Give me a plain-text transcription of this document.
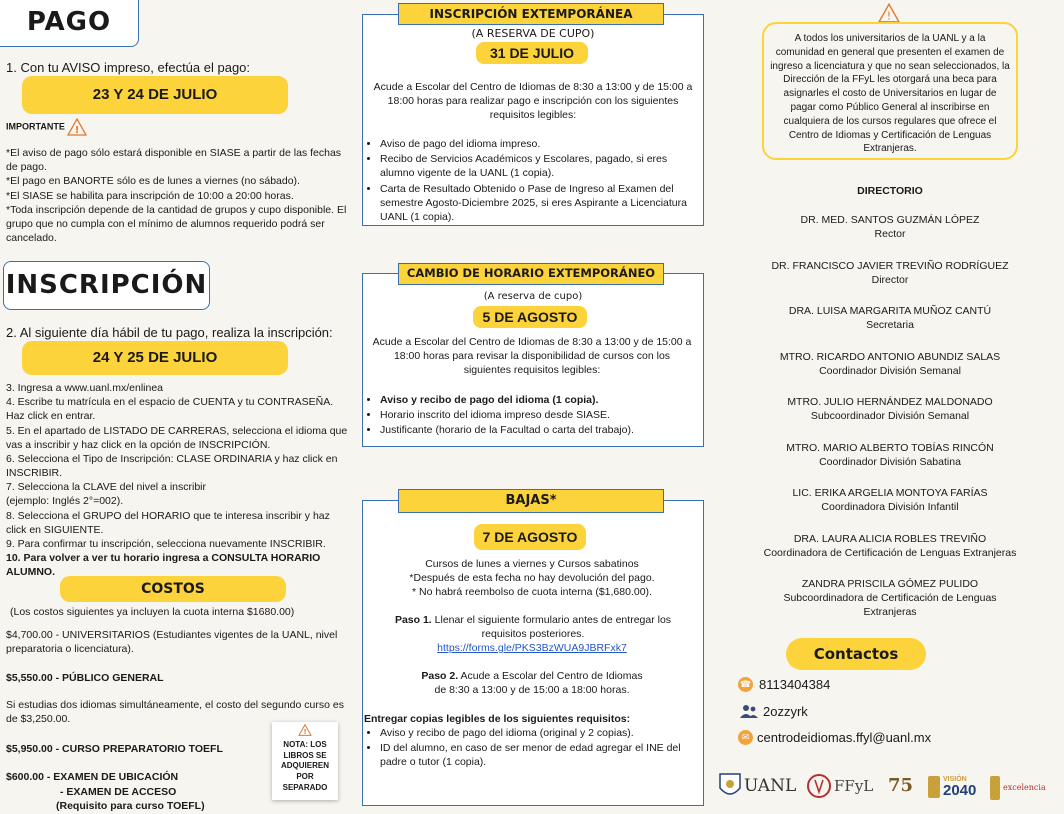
PAGO
1. Con tu AVISO impreso, efectúa el pago:
23 Y 24 DE JULIO
IMPORTANTE !
*El aviso de pago sólo estará disponible en SIASE a partir de las fechas de pago.
*El pago en BANORTE sólo es de lunes a viernes (no sábado).
*El SIASE se habilita para inscripción de 10:00 a 20:00 horas.
*Toda inscripción depende de la cantidad de grupos y cupo disponible. El grupo que no cumpla con el mínimo de alumnos requerido podrá ser cancelado.
INSCRIPCIÓN
2. Al siguiente día hábil de tu pago, realiza la inscripción:
24 Y 25 DE JULIO
3. Ingresa a www.uanl.mx/enlinea
4. Escribe tu matrícula en el espacio de CUENTA y tu CONTRASEÑA. Haz click en entrar.
5. En el apartado de LISTADO DE CARRERAS, selecciona el idioma que vas a inscribir y haz click en la opción de INSCRIPCIÓN.
6. Selecciona el Tipo de Inscripción: CLASE ORDINARIA y haz click en INSCRIBIR.
7. Selecciona la CLAVE del nivel a inscribir
(ejemplo: Inglés 2°=002).
8. Selecciona el GRUPO del HORARIO que te interesa inscribir y haz click en SIGUIENTE.
9. Para confirmar tu inscripción, selecciona nuevamente INSCRIBIR.
10. Para volver a ver tu horario ingresa a CONSULTA HORARIO ALUMNO.
COSTOS
(Los costos siguientes ya incluyen la cuota interna $1680.00)
$4,700.00 - UNIVERSITARIOS (Estudiantes vigentes de la UANL, nivel preparatoria o licenciatura).
$5,550.00 - PÚBLICO GENERAL
Si estudias dos idiomas simultáneamente, el costo del segundo curso es de $3,250.00.
$5,950.00 - CURSO PREPARATORIO TOEFL
$600.00 - EXAMEN DE UBICACIÓN
- EXAMEN DE ACCESO
(Requisito para curso TOEFL)
!
NOTA: LOS LIBROS SE ADQUIEREN POR SEPARADO
INSCRIPCIÓN EXTEMPORÁNEA
(A RESERVA DE CUPO)
31 DE JULIO
Acude a Escolar del Centro de Idiomas de 8:30 a 13:00 y de 15:00 a 18:00 horas para realizar pago e inscripción con los siguientes requisitos legibles:
• Aviso de pago del idioma impreso.
• Recibo de Servicios Académicos y Escolares, pagado, si eres alumno vigente de la UANL (1 copia).
• Carta de Resultado Obtenido o Pase de Ingreso al Examen del semestre Agosto-Diciembre 2025, si eres Aspirante a Licenciatura UANL (1 copia).
CAMBIO DE HORARIO EXTEMPORÁNEO
(A reserva de cupo)
5 DE AGOSTO
Acude a Escolar del Centro de Idiomas de 8:30 a 13:00 y de 15:00 a 18:00 horas para revisar la disponibilidad de cursos con los siguientes requisitos legibles:
• Aviso y recibo de pago del idioma (1 copia).
• Horario inscrito del idioma impreso desde SIASE.
• Justificante (horario de la Facultad o carta del trabajo).
BAJAS*
7 DE AGOSTO
Cursos de lunes a viernes y Cursos sabatinos
*Después de esta fecha no hay devolución del pago.
* No habrá reembolso de cuota interna ($1,680.00).
Paso 1. Llenar el siguiente formulario antes de entregar los requisitos posteriores.
https://forms.gle/PKS3BzWUA9JBRFxk7
Paso 2. Acude a Escolar del Centro de Idiomas
de 8:30 a 13:00 y de 15:00 a 18:00 horas.
Entregar copias legibles de los siguientes requisitos:
• Aviso y recibo de pago del idioma (original y 2 copias).
• ID del alumno, en caso de ser menor de edad agregar el INE del padre o tutor (1 copia).
!
A todos los universitarios de la UANL y a la comunidad en general que presenten el examen de ingreso a licenciatura y que no sean seleccionados, la Dirección de la FFyL les otorgará una beca para asignarles el costo de Universitarios en lugar de pagar como Público General al inscribirse en cualquiera de los cursos regulares que ofrece el Centro de Idiomas y Certificación de Lenguas Extranjeras.
DIRECTORIO
DR. MED. SANTOS GUZMÁN LÓPEZ
Rector
DR. FRANCISCO JAVIER TREVIÑO RODRÍGUEZ
Director
DRA. LUISA MARGARITA MUÑOZ CANTÚ
Secretaria
MTRO. RICARDO ANTONIO ABUNDIZ SALAS
Coordinador División Semanal
MTRO. JULIO HERNÁNDEZ MALDONADO
Subcoordinador División Semanal
MTRO. MARIO ALBERTO TOBÍAS RINCÓN
Coordinador División Sabatina
LIC. ERIKA ARGELIA MONTOYA FARÍAS
Coordinadora División Infantil
DRA. LAURA ALICIA ROBLES TREVIÑO
Coordinadora de Certificación de Lenguas Extranjeras
ZANDRA PRISCILA GÓMEZ PULIDO
Subcoordinadora de Certificación de Lenguas Extranjeras
Contactos
☎ 8113404384
2ozzyrk
✉ centrodeidiomas.ffyl@uanl.mx
UANL	FFyL 75	VISIÓN
2040	excelencia
